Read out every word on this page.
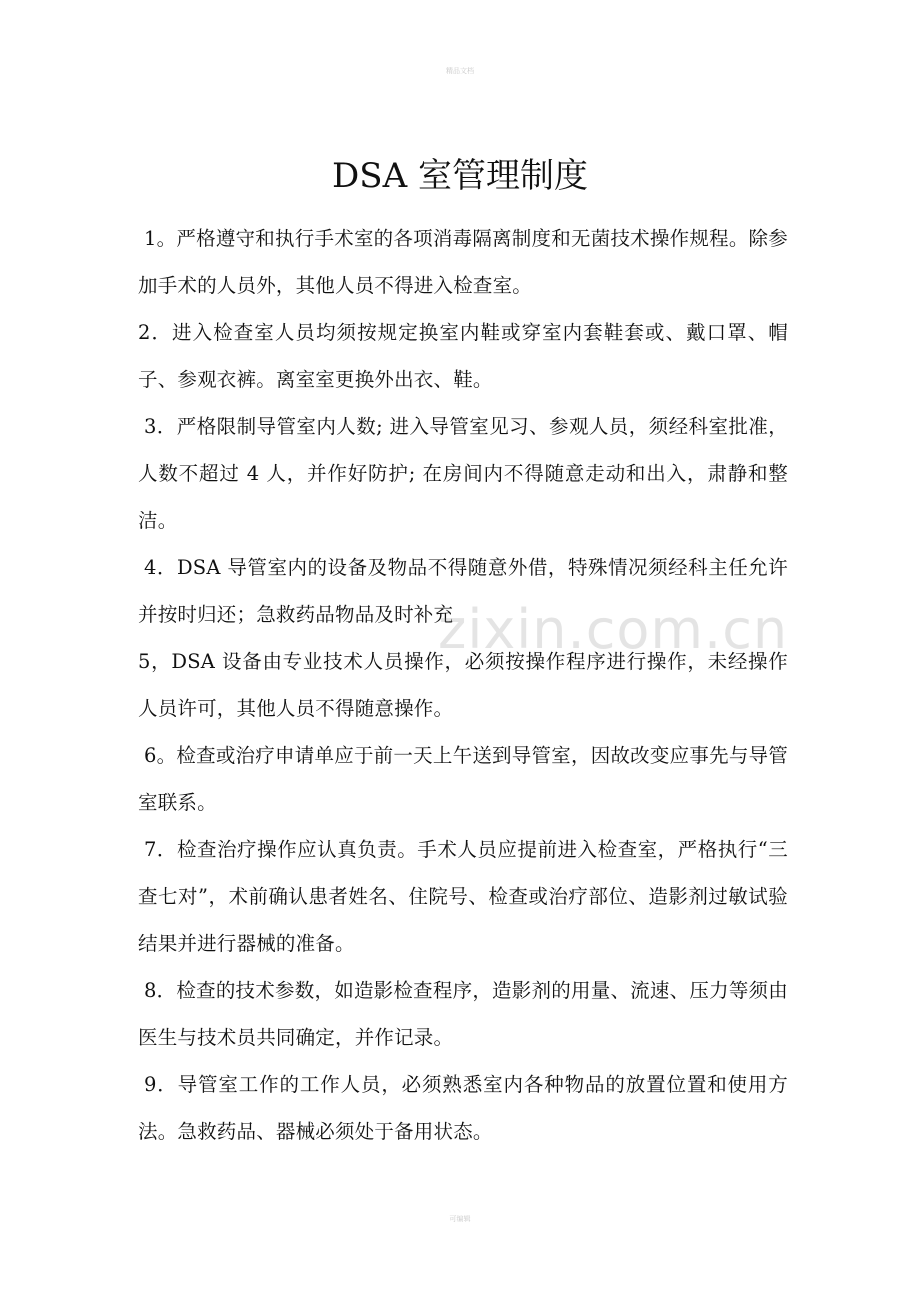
精品文档
DSA 室管理制度

1。严格遵守和执行手术室的各项消毒隔离制度和无菌技术操作规程。除参加手术的人员外，其他人员不得进入检查室。

2．进入检查室人员均须按规定换室内鞋或穿室内套鞋套或、戴口罩、帽子、参观衣裤。离室室更换外出衣、鞋。

3．严格限制导管室内人数; 进入导管室见习、参观人员，须经科室批准，人数不超过 4 人，并作好防护; 在房间内不得随意走动和出入，肃静和整洁。

4．DSA 导管室内的设备及物品不得随意外借，特殊情况须经科主任允许并按时归还；急救药品物品及时补充

5，DSA 设备由专业技术人员操作，必须按操作程序进行操作，未经操作人员许可，其他人员不得随意操作。

6。检查或治疗申请单应于前一天上午送到导管室，因故改变应事先与导管室联系。

7．检查治疗操作应认真负责。手术人员应提前进入检查室，严格执行“三查七对”，术前确认患者姓名、住院号、检查或治疗部位、造影剂过敏试验结果并进行器械的准备。

8．检查的技术参数，如造影检查程序，造影剂的用量、流速、压力等须由医生与技术员共同确定，并作记录。

9．导管室工作的工作人员，必须熟悉室内各种物品的放置位置和使用方法。急救药品、器械必须处于备用状态。

zixin.com.cn
可编辑
